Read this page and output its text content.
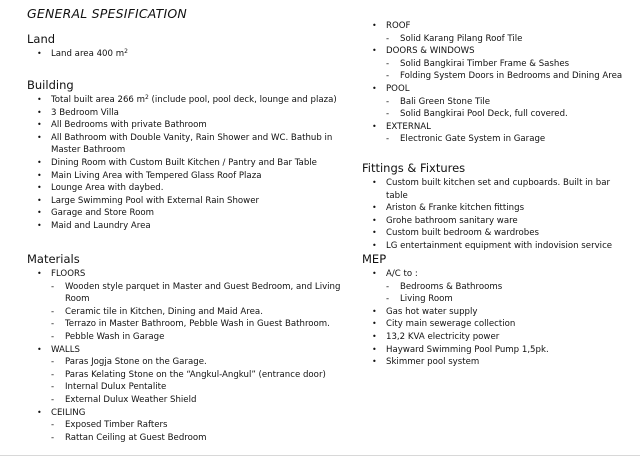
GENERAL SPESIFICATION
Land
• Land area 400 $m^2$
Building
• Total built area 266 $m^2$ (include pool, pool deck, lounge and plaza)
• 3 Bedroom Villa
• All Bedrooms with private Bathroom
• All Bathroom with Double Vanity, Rain Shower and WC. Bathub in Master Bathroom
• Dining Room with Custom Built Kitchen / Pantry and Bar Table
• Main Living Area with Tempered Glass Roof Plaza
• Lounge Area with daybed.
• Large Swimming Pool with External Rain Shower
• Garage and Store Room
• Maid and Laundry Area
Materials
• FLOORS
- Wooden style parquet in Master and Guest Bedroom, and Living Room
- Ceramic tile in Kitchen, Dining and Maid Area.
- Terrazo in Master Bathroom, Pebble Wash in Guest Bathroom.
- Pebble Wash in Garage
• WALLS
- Paras Jogja Stone on the Garage.
- Paras Kelating Stone on the “Angkul-Angkul” (entrance door)
- Internal Dulux Pentalite
- External Dulux Weather Shield
• CEILING
- Exposed Timber Rafters
- Rattan Ceiling at Guest Bedroom
• ROOF
- Solid Karang Pilang Roof Tile
• DOORS & WINDOWS
- Solid Bangkirai Timber Frame & Sashes
- Folding System Doors in Bedrooms and Dining Area
• POOL
- Bali Green Stone Tile
- Solid Bangkirai Pool Deck, full covered.
• EXTERNAL
- Electronic Gate System in Garage
Fittings & Fixtures
• Custom built kitchen set and cupboards. Built in bar table
• Ariston & Franke kitchen fittings
• Grohe bathroom sanitary ware
• Custom built bedroom & wardrobes
• LG entertainment equipment with indovision service
MEP
• A/C to :
- Bedrooms & Bathrooms
- Living Room
• Gas hot water supply
• City main sewerage collection
• 13,2 KVA electricity power
• Hayward Swimming Pool Pump 1,5pk.
• Skimmer pool system
